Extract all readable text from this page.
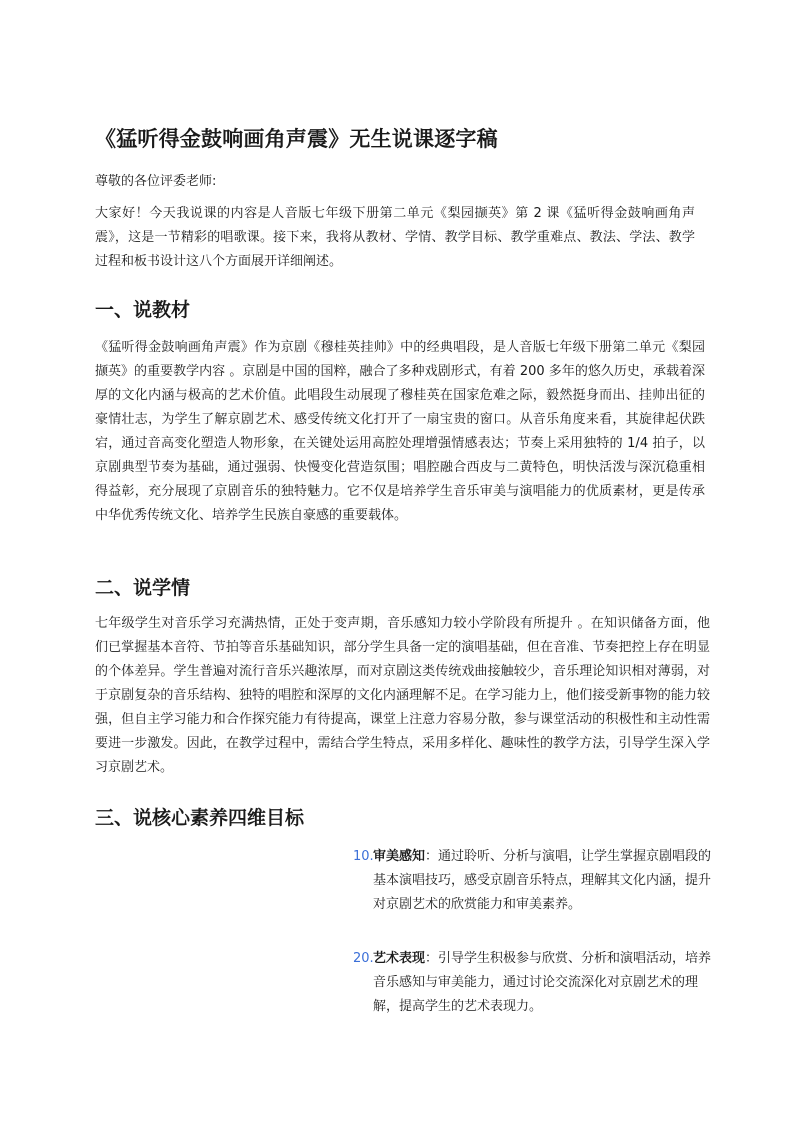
《猛听得金鼓响画角声震》无生说课逐字稿

尊敬的各位评委老师:

大家好！今天我说课的内容是人音版七年级下册第二单元《梨园撷英》第 2 课《猛听得金鼓响画角声震》，这是一节精彩的唱歌课。接下来，我将从教材、学情、教学目标、教学重难点、教法、学法、教学过程和板书设计这八个方面展开详细阐述。

一、说教材

《猛听得金鼓响画角声震》作为京剧《穆桂英挂帅》中的经典唱段，是人音版七年级下册第二单元《梨园撷英》的重要教学内容 。京剧是中国的国粹，融合了多种戏剧形式，有着 200 多年的悠久历史，承载着深厚的文化内涵与极高的艺术价值。此唱段生动展现了穆桂英在国家危难之际，毅然挺身而出、挂帅出征的豪情壮志，为学生了解京剧艺术、感受传统文化打开了一扇宝贵的窗口。从音乐角度来看，其旋律起伏跌宕，通过音高变化塑造人物形象，在关键处运用高腔处理增强情感表达；节奏上采用独特的 1/4 拍子，以京剧典型节奏为基础，通过强弱、快慢变化营造氛围；唱腔融合西皮与二黄特色，明快活泼与深沉稳重相得益彰，充分展现了京剧音乐的独特魅力。它不仅是培养学生音乐审美与演唱能力的优质素材，更是传承中华优秀传统文化、培养学生民族自豪感的重要载体。

二、说学情

七年级学生对音乐学习充满热情，正处于变声期，音乐感知力较小学阶段有所提升 。在知识储备方面，他们已掌握基本音符、节拍等音乐基础知识，部分学生具备一定的演唱基础，但在音准、节奏把控上存在明显的个体差异。学生普遍对流行音乐兴趣浓厚，而对京剧这类传统戏曲接触较少，音乐理论知识相对薄弱，对于京剧复杂的音乐结构、独特的唱腔和深厚的文化内涵理解不足。在学习能力上，他们接受新事物的能力较强，但自主学习能力和合作探究能力有待提高，课堂上注意力容易分散，参与课堂活动的积极性和主动性需要进一步激发。因此，在教学过程中，需结合学生特点，采用多样化、趣味性的教学方法，引导学生深入学习京剧艺术。

三、说核心素养四维目标
10. 审美感知：通过聆听、分析与演唱，让学生掌握京剧唱段的基本演唱技巧，感受京剧音乐特点，理解其文化内涵，提升对京剧艺术的欣赏能力和审美素养。
20. 艺术表现：引导学生积极参与欣赏、分析和演唱活动，培养音乐感知与审美能力，通过讨论交流深化对京剧艺术的理解，提高学生的艺术表现力。
